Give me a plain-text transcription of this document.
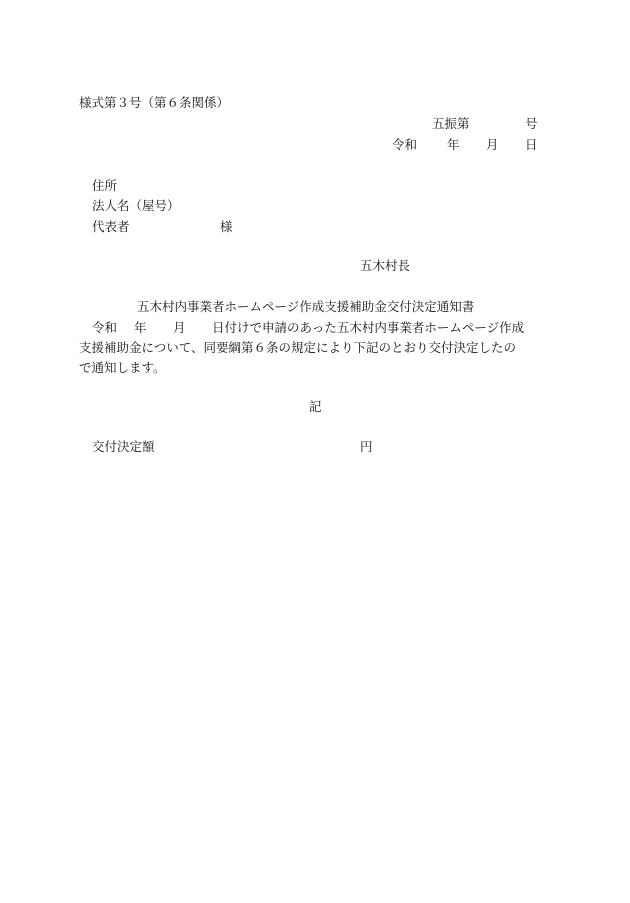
様式第３号（第６条関係）
五振第	号
令和 年 月 日
住所
法人名（屋号）
代表者	様
五木村長
五木村内事業者ホームページ作成支援補助金交付決定通知書
令和 年 月 日付けで申請のあった五木村内事業者ホームページ作成
支援補助金について、同要綱第６条の規定により下記のとおり交付決定したの
で通知します。
記
交付決定額	円
